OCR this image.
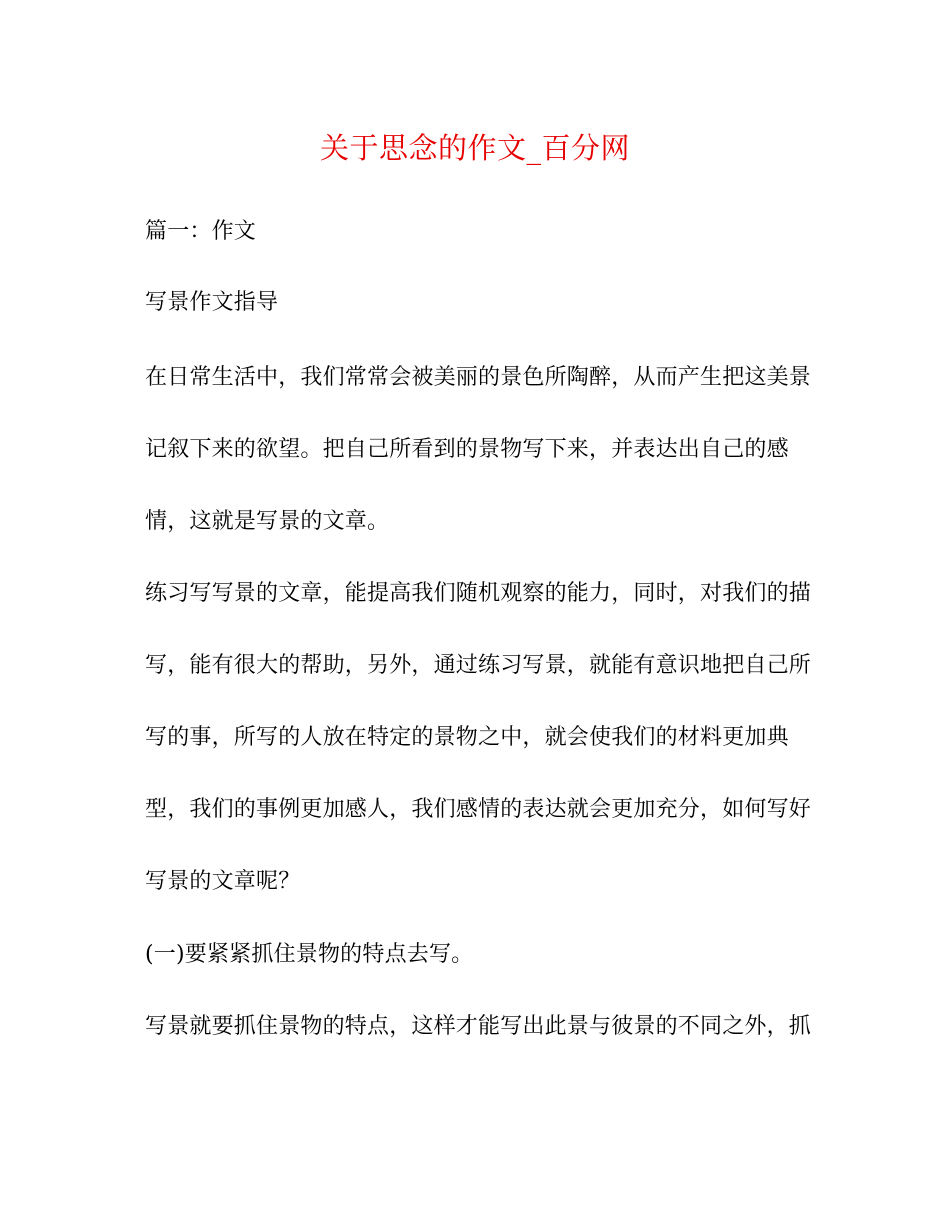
关于思念的作文_百分网
篇一：作文
写景作文指导
在日常生活中，我们常常会被美丽的景色所陶醉，从而产生把这美景
记叙下来的欲望。把自己所看到的景物写下来，并表达出自己的感
情，这就是写景的文章。
练习写写景的文章，能提高我们随机观察的能力，同时，对我们的描
写，能有很大的帮助，另外，通过练习写景，就能有意识地把自己所
写的事，所写的人放在特定的景物之中，就会使我们的材料更加典
型，我们的事例更加感人，我们感情的表达就会更加充分，如何写好
写景的文章呢？
(一)要紧紧抓住景物的特点去写。
写景就要抓住景物的特点，这样才能写出此景与彼景的不同之外，抓
